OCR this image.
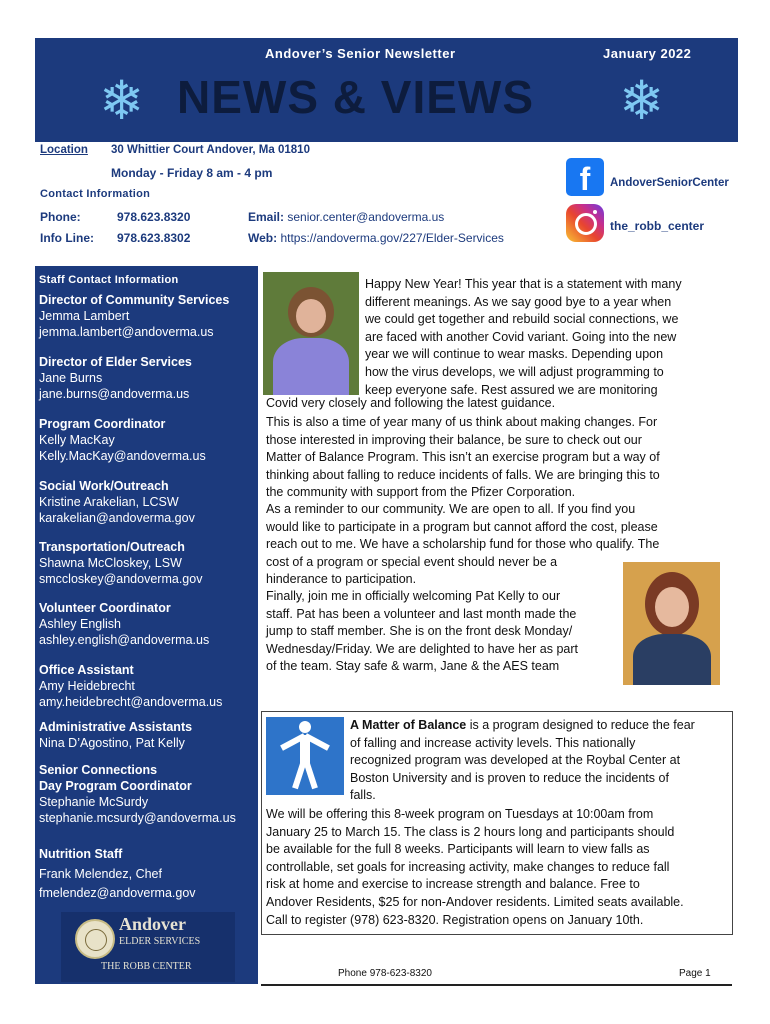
Andover’s Senior Newsletter	January 2022
❄ NEWS & VIEWS ❄
Location 30 Whittier Court Andover, Ma 01810
Monday - Friday 8 am - 4 pm
Contact Information
Phone:	978.623.8320
Info Line: 978.623.8302
Email: senior.center@andoverma.us
Web: https://andoverma.gov/227/Elder-Services
f	AndoverSeniorCenter
the_robb_center
Staff Contact Information
Director of Community Services
Jemma Lambert
jemma.lambert@andoverma.us
Director of Elder Services
Jane Burns
jane.burns@andoverma.us
Program Coordinator
Kelly MacKay
Kelly.MacKay@andoverma.us
Social Work/Outreach
Kristine Arakelian, LCSW
karakelian@andoverma.gov
Transportation/Outreach
Shawna McCloskey, LSW
smccloskey@andoverma.gov
Volunteer Coordinator
Ashley English
ashley.english@andoverma.us
Office Assistant
Amy Heidebrecht
amy.heidebrecht@andoverma.us
Administrative Assistants
Nina D’Agostino, Pat Kelly
Senior Connections
Day Program Coordinator
Stephanie McSurdy
stephanie.mcsurdy@andoverma.us
Nutrition Staff
Frank Melendez, Chef
fmelendez@andoverma.gov
Andover
ELDER SERVICES
THE ROBB CENTER
Happy New Year! This year that is a statement with many
different meanings. As we say good bye to a year when
we could get together and rebuild social connections, we
are faced with another Covid variant. Going into the new
year we will continue to wear masks. Depending upon
how the virus develops, we will adjust programming to
keep everyone safe. Rest assured we are monitoring
Covid very closely and following the latest guidance.
This is also a time of year many of us think about making changes. For
those interested in improving their balance, be sure to check out our
Matter of Balance Program. This isn’t an exercise program but a way of
thinking about falling to reduce incidents of falls. We are bringing this to
the community with support from the Pfizer Corporation.
As a reminder to our community. We are open to all. If you find you
would like to participate in a program but cannot afford the cost, please
reach out to me. We have a scholarship fund for those who qualify. The
cost of a program or special event should never be a
hinderance to participation.
Finally, join me in officially welcoming Pat Kelly to our
staff. Pat has been a volunteer and last month made the
jump to staff member. She is on the front desk Monday/
Wednesday/Friday. We are delighted to have her as part
of the team. Stay safe & warm, Jane & the AES team
A Matter of Balance is a program designed to reduce the fear
of falling and increase activity levels. This nationally
recognized program was developed at the Roybal Center at
Boston University and is proven to reduce the incidents of
falls.
We will be offering this 8-week program on Tuesdays at 10:00am from
January 25 to March 15. The class is 2 hours long and participants should
be available for the full 8 weeks. Participants will learn to view falls as
controllable, set goals for increasing activity, make changes to reduce fall
risk at home and exercise to increase strength and balance. Free to
Andover Residents, $25 for non-Andover residents. Limited seats available.
Call to register (978) 623-8320. Registration opens on January 10th.
Phone 978-623-8320	Page 1
